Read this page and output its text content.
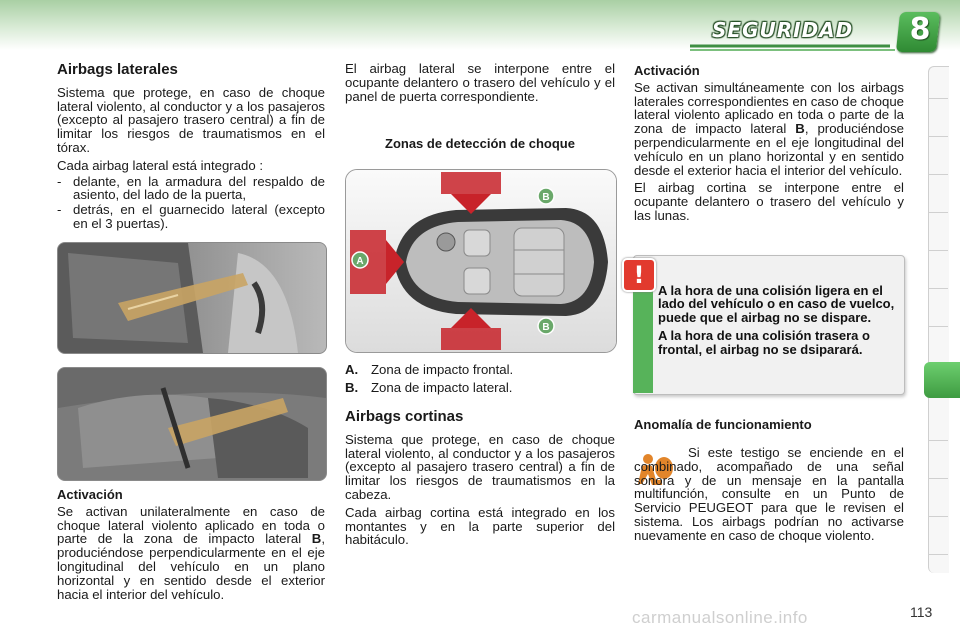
SEGURIDAD	8
Airbags laterales

Sistema que protege, en caso de choque lateral violento, al conductor y a los pasajeros (excepto al pasajero trasero central) a fin de limitar los riesgos de traumatismos en el tórax.

Cada airbag lateral está integrado :

- delante, en la armadura del respaldo de asiento, del lado de la puerta,
- detrás, en el guarnecido lateral (excepto en el 3 puertas).
Activación

Se activan unilateralmente en caso de choque lateral violento aplicado en toda o parte de la zona de impacto lateral B, produciéndose perpendicularmente en el eje longitudinal del vehículo en un plano horizontal y en sentido desde el exterior hacia el interior del vehículo.

El airbag lateral se interpone entre el ocupante delantero o trasero del vehículo y el panel de puerta correspondiente.

Zonas de detección de choque
A
B
B
A. Zona de impacto frontal.
B. Zona de impacto lateral.
Airbags cortinas

Sistema que protege, en caso de choque lateral violento, al conductor y a los pasajeros (excepto al pasajero trasero central) a fin de limitar los riesgos de traumatismos en la cabeza.

Cada airbag cortina está integrado en los montantes y en la parte superior del habitáculo.

Activación

Se activan simultáneamente con los airbags laterales correspondientes en caso de choque lateral violento aplicado en toda o parte de la zona de impacto lateral B, produciéndose perpendicularmente en el eje longitudinal del vehículo en un plano horizontal y en sentido desde el exterior hacia el interior del vehículo.

El airbag cortina se interpone entre el ocupante delantero o trasero del vehículo y las lunas.

!

A la hora de una colisión ligera en el lado del vehículo o en caso de vuelco, puede que el airbag no se dispare.

A la hora de una colisión trasera o frontal, el airbag no se dsiparará.

Anomalía de funcionamiento

Si este testigo se enciende en el combinado, acompañado de una señal sonora y de un mensaje en la pantalla multifunción, consulte en un Punto de Servicio PEUGEOT para que le revisen el sistema. Los airbags podrían no activarse nuevamente en caso de choque violento.

carmanualsonline.info	113
